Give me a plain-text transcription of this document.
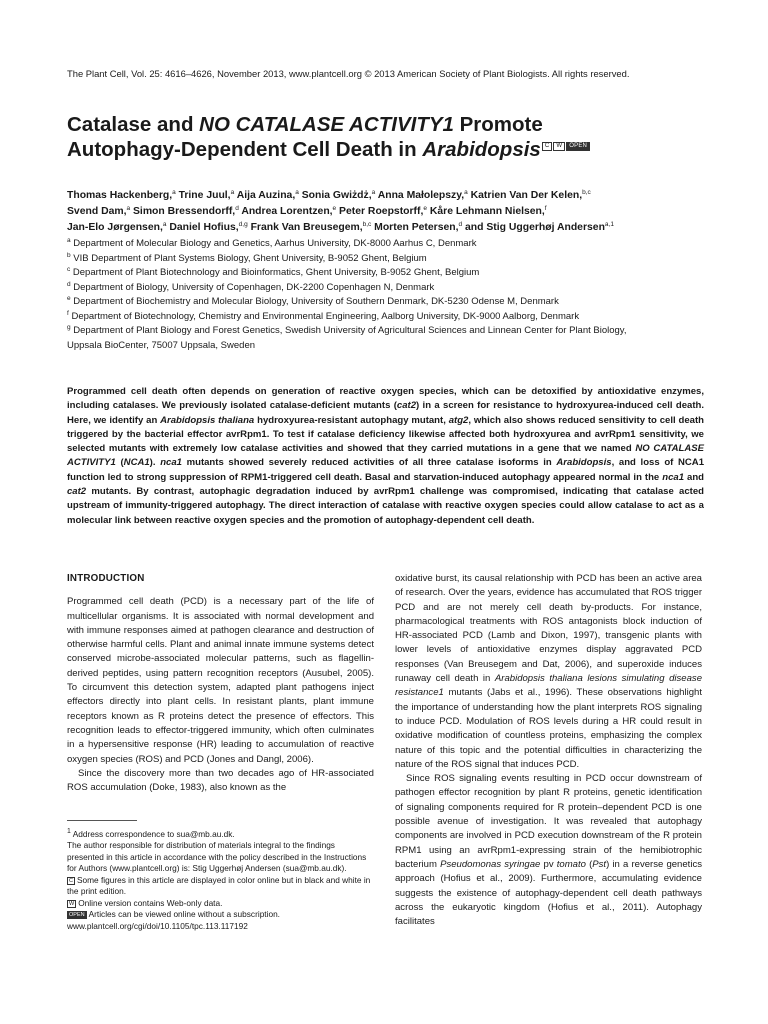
The Plant Cell, Vol. 25: 4616–4626, November 2013, www.plantcell.org © 2013 American Society of Plant Biologists. All rights reserved.
Catalase and NO CATALASE ACTIVITY1 Promote
Autophagy-Dependent Cell Death in Arabidopsis C W OPEN
Thomas Hackenberg,$^a$ Trine Juul,$^a$ Aija Auzina,$^a$ Sonia Gwiżdż,$^a$ Anna Małolepszy,$^a$ Katrien Van Der Kelen,$^{b,c}$
Svend Dam,$^a$ Simon Bressendorff,$^d$ Andrea Lorentzen,$^e$ Peter Roepstorff,$^e$ Kåre Lehmann Nielsen,$^f$
Jan-Elo Jørgensen,$^a$ Daniel Hofius,$^{d,g}$ Frank Van Breusegem,$^{b,c}$ Morten Petersen,$^d$ and Stig Uggerhøj Andersen$^{a,1}$

$^a$ Department of Molecular Biology and Genetics, Aarhus University, DK-8000 Aarhus C, Denmark

$^b$ VIB Department of Plant Systems Biology, Ghent University, B-9052 Ghent, Belgium

$^c$ Department of Plant Biotechnology and Bioinformatics, Ghent University, B-9052 Ghent, Belgium

$^d$ Department of Biology, University of Copenhagen, DK-2200 Copenhagen N, Denmark

$^e$ Department of Biochemistry and Molecular Biology, University of Southern Denmark, DK-5230 Odense M, Denmark

$^f$ Department of Biotechnology, Chemistry and Environmental Engineering, Aalborg University, DK-9000 Aalborg, Denmark

$^g$ Department of Plant Biology and Forest Genetics, Swedish University of Agricultural Sciences and Linnean Center for Plant Biology,
Uppsala BioCenter, 75007 Uppsala, Sweden

Programmed cell death often depends on generation of reactive oxygen species, which can be detoxified by antioxidative enzymes, including catalases. We previously isolated catalase-deficient mutants (cat2) in a screen for resistance to hydroxyurea-induced cell death. Here, we identify an Arabidopsis thaliana hydroxyurea-resistant autophagy mutant, atg2, which also shows reduced sensitivity to cell death triggered by the bacterial effector avrRpm1. To test if catalase deficiency likewise affected both hydroxyurea and avrRpm1 sensitivity, we selected mutants with extremely low catalase activities and showed that they carried mutations in a gene that we named NO CATALASE ACTIVITY1 (NCA1). nca1 mutants showed severely reduced activities of all three catalase isoforms in Arabidopsis, and loss of NCA1 function led to strong suppression of RPM1-triggered cell death. Basal and starvation-induced autophagy appeared normal in the nca1 and cat2 mutants. By contrast, autophagic degradation induced by avrRpm1 challenge was compromised, indicating that catalase acted upstream of immunity-triggered autophagy. The direct interaction of catalase with reactive oxygen species could allow catalase to act as a molecular link between reactive oxygen species and the promotion of autophagy-dependent cell death.

INTRODUCTION

Programmed cell death (PCD) is a necessary part of the life of multicellular organisms. It is associated with normal development and with immune responses aimed at pathogen clearance and destruction of otherwise harmful cells. Plant and animal innate immune systems detect conserved microbe-associated molecular patterns, such as flagellin-derived peptides, using pattern recognition receptors (Ausubel, 2005). To circumvent this detection system, adapted plant pathogens inject effectors directly into plant cells. In resistant plants, plant immune receptors known as R proteins detect the presence of effectors. This recognition leads to effector-triggered immunity, which often culminates in a hypersensitive response (HR) leading to accumulation of reactive oxygen species (ROS) and PCD (Jones and Dangl, 2006).

Since the discovery more than two decades ago of HR-associated ROS accumulation (Doke, 1983), also known as the

$^1$ Address correspondence to sua@mb.au.dk.

The author responsible for distribution of materials integral to the findings presented in this article in accordance with the policy described in the Instructions for Authors (www.plantcell.org) is: Stig Uggerhøj Andersen (sua@mb.au.dk).

C Some figures in this article are displayed in color online but in black and white in the print edition.

W Online version contains Web-only data.

OPEN Articles can be viewed online without a subscription.

www.plantcell.org/cgi/doi/10.1105/tpc.113.117192

oxidative burst, its causal relationship with PCD has been an active area of research. Over the years, evidence has accumulated that ROS trigger PCD and are not merely cell death by-products. For instance, pharmacological treatments with ROS antagonists block induction of HR-associated PCD (Lamb and Dixon, 1997), transgenic plants with lower levels of antioxidative enzymes display aggravated PCD responses (Van Breusegem and Dat, 2006), and superoxide induces runaway cell death in Arabidopsis thaliana lesions simulating disease resistance1 mutants (Jabs et al., 1996). These observations highlight the importance of understanding how the plant interprets ROS signaling to induce PCD. Modulation of ROS levels during a HR could result in oxidative modification of countless proteins, emphasizing the complex nature of this topic and the potential difficulties in characterizing the nature of the ROS signal that induces PCD.

Since ROS signaling events resulting in PCD occur downstream of pathogen effector recognition by plant R proteins, genetic identification of signaling components required for R protein–dependent PCD is one possible avenue of investigation. It was revealed that autophagy components are involved in PCD execution downstream of the R protein RPM1 using an avrRpm1-expressing strain of the hemibiotrophic bacterium Pseudomonas syringae pv tomato (Pst) in a reverse genetics approach (Hofius et al., 2009). Furthermore, accumulating evidence suggests the existence of autophagy-dependent cell death pathways across the eukaryotic kingdom (Hofius et al., 2011). Autophagy facilitates
